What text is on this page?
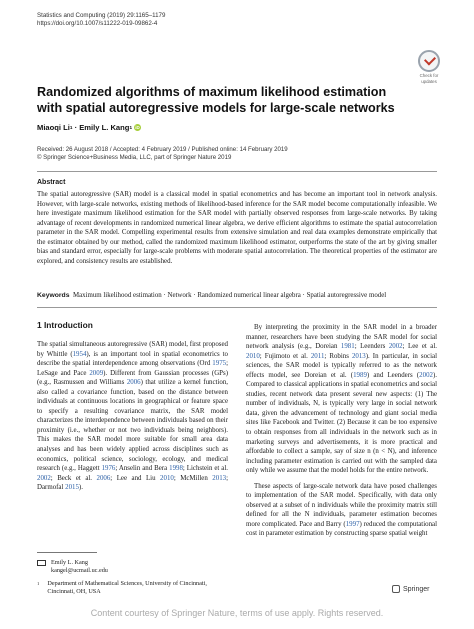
Statistics and Computing (2019) 29:1165–1179
https://doi.org/10.1007/s11222-019-09862-4
Check for
updates
Randomized algorithms of maximum likelihood estimation
with spatial autoregressive models for large-scale networks
Miaoqi Li 1 · Emily L. Kang 1 iD
Received: 26 August 2018 / Accepted: 4 February 2019 / Published online: 14 February 2019
© Springer Science+Business Media, LLC, part of Springer Nature 2019
Abstract
The spatial autoregressive (SAR) model is a classical model in spatial econometrics and has become an important tool in network analysis. However, with large-scale networks, existing methods of likelihood-based inference for the SAR model become computationally infeasible. We here investigate maximum likelihood estimation for the SAR model with partially observed responses from large-scale networks. By taking advantage of recent developments in randomized numerical linear algebra, we derive efficient algorithms to estimate the spatial autocorrelation parameter in the SAR model. Compelling experimental results from extensive simulation and real data examples demonstrate empirically that the estimator obtained by our method, called the randomized maximum likelihood estimator, outperforms the state of the art by giving smaller bias and standard error, especially for large-scale problems with moderate spatial autocorrelation. The theoretical properties of the estimator are explored, and consistency results are established.
Keywords Maximum likelihood estimation · Network · Randomized numerical linear algebra · Spatial autoregressive model
1 Introduction

The spatial simultaneous autoregressive (SAR) model, first proposed by Whittle (1954), is an important tool in spatial econometrics to describe the spatial interdependence among observations (Ord 1975; LeSage and Pace 2009). Different from Gaussian processes (GPs) (e.g., Rasmussen and Williams 2006) that utilize a kernel function, also called a covariance function, based on the distance between individuals at continuous locations in geographical or feature space to specify a resulting covariance matrix, the SAR model characterizes the interdependence between individuals based on their proximity (i.e., whether or not two individuals being neighbors). This makes the SAR model more suitable for small area data analyses and has been widely applied across disciplines such as economics, political science, sociology, ecology, and medical research (e.g., Haggett 1976; Anselin and Bera 1998; Lichstein et al. 2002; Beck et al. 2006; Lee and Liu 2010; McMillen 2013; Darmofal 2015).

By interpreting the proximity in the SAR model in a broader manner, researchers have been studying the SAR model for social network analysis (e.g., Doreian 1981; Leenders 2002; Lee et al. 2010; Fujimoto et al. 2011; Robins 2013). In particular, in social sciences, the SAR model is typically referred to as the network effects model, see Doreian et al. (1989) and Leenders (2002). Compared to classical applications in spatial econometrics and social studies, recent network data present several new aspects: (1) The number of individuals, N, is typically very large in social network data, given the advancement of technology and giant social media sites like Facebook and Twitter. (2) Because it can be too expensive to obtain responses from all individuals in the network such as in marketing surveys and advertisements, it is more practical and affordable to collect a sample, say of size n (n < N), and inference including parameter estimation is carried out with the sampled data only while we assume that the model holds for the entire network.

These aspects of large-scale network data have posed challenges to implementation of the SAR model. Specifically, with data only observed at a subset of n individuals while the proximity matrix still defined for all the N individuals, parameter estimation becomes more complicated. Pace and Barry (1997) reduced the computational cost in parameter estimation by constructing sparse spatial weight

Emily L. Kang
kangel@ucmail.uc.edu
1	Department of Mathematical Sciences, University of Cincinnati, Cincinnati, OH, USA	Springer
Content courtesy of Springer Nature, terms of use apply. Rights reserved.
